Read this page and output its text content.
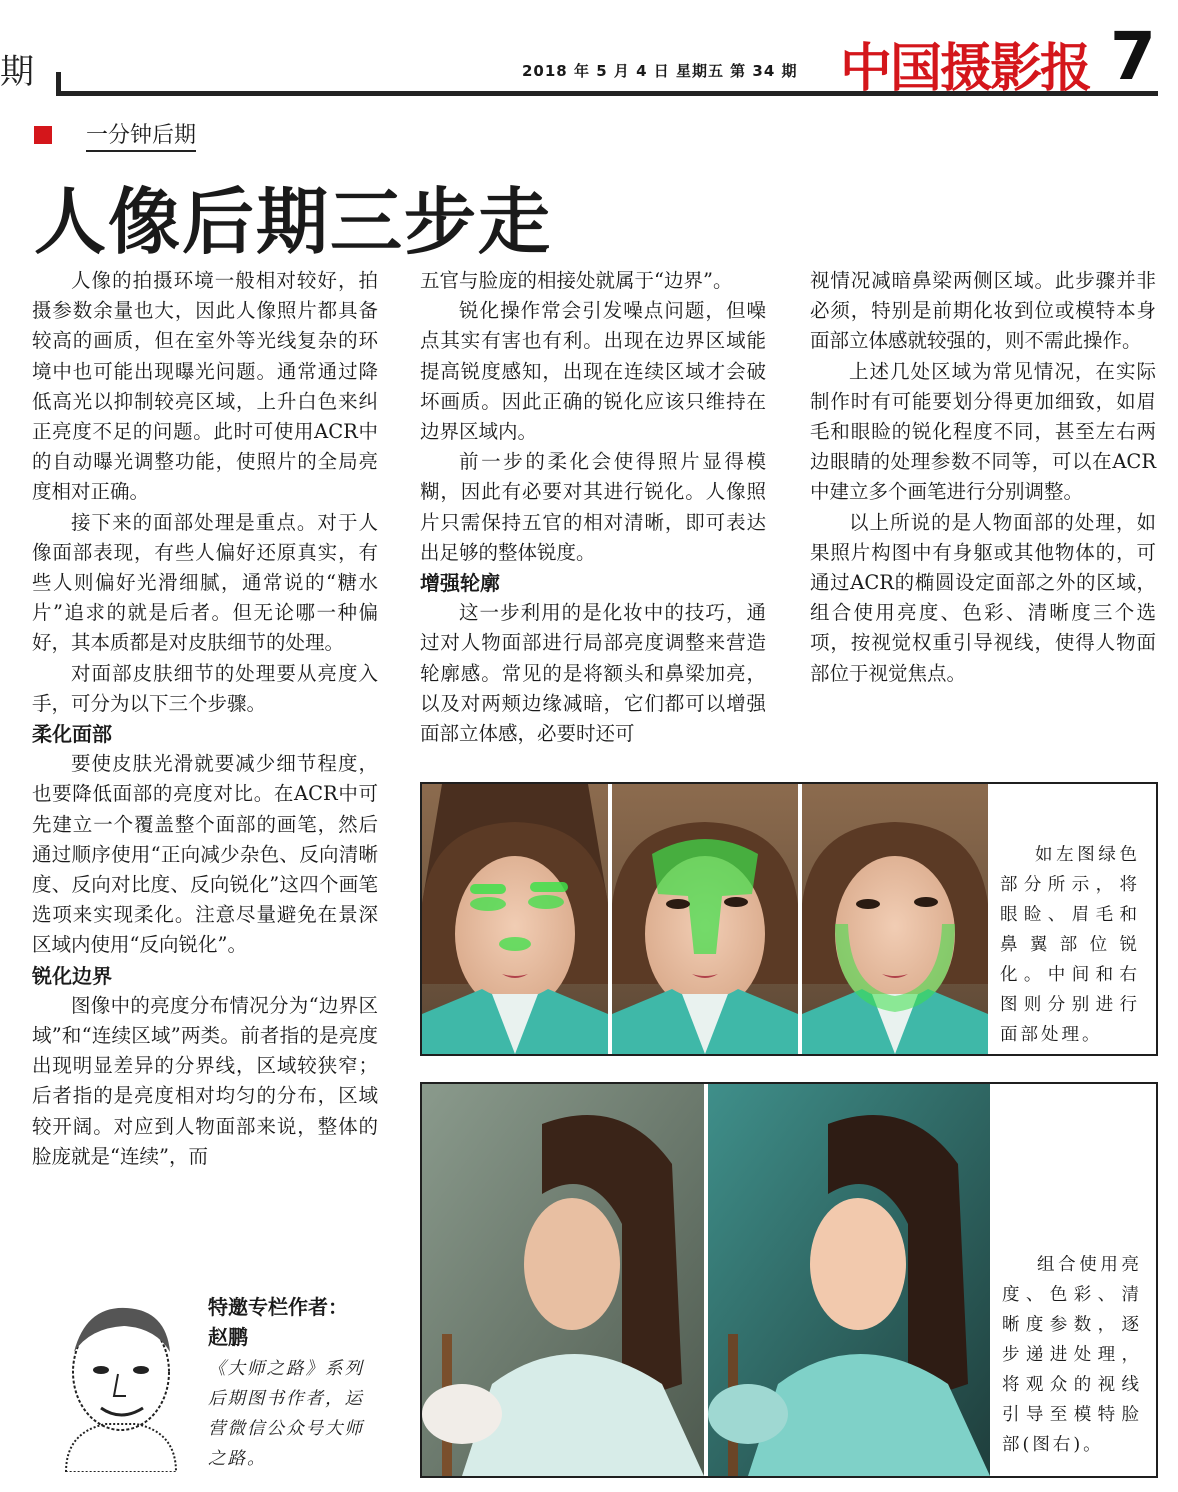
期	2018 年 5 月 4 日 星期五 第 34 期 中国摄影报 7
一分钟后期
人像后期三步走

人像的拍摄环境一般相对较好，拍摄参数余量也大，因此人像照片都具备较高的画质，但在室外等光线复杂的环境中也可能出现曝光问题。通常通过降低高光以抑制较亮区域，上升白色来纠正亮度不足的问题。此时可使用ACR中的自动曝光调整功能，使照片的全局亮度相对正确。

接下来的面部处理是重点。对于人像面部表现，有些人偏好还原真实，有些人则偏好光滑细腻，通常说的“糖水片”追求的就是后者。但无论哪一种偏好，其本质都是对皮肤细节的处理。

对面部皮肤细节的处理要从亮度入手，可分为以下三个步骤。

柔化面部

要使皮肤光滑就要减少细节程度，也要降低面部的亮度对比。在ACR中可先建立一个覆盖整个面部的画笔，然后通过顺序使用“正向减少杂色、反向清晰度、反向对比度、反向锐化”这四个画笔选项来实现柔化。注意尽量避免在景深区域内使用“反向锐化”。

锐化边界

图像中的亮度分布情况分为“边界区域”和“连续区域”两类。前者指的是亮度出现明显差异的分界线，区域较狭窄；后者指的是亮度相对均匀的分布，区域较开阔。对应到人物面部来说，整体的脸庞就是“连续”，而

五官与脸庞的相接处就属于“边界”。

锐化操作常会引发噪点问题，但噪点其实有害也有利。出现在边界区域能提高锐度感知，出现在连续区域才会破坏画质。因此正确的锐化应该只维持在边界区域内。

前一步的柔化会使得照片显得模糊，因此有必要对其进行锐化。人像照片只需保持五官的相对清晰，即可表达出足够的整体锐度。

增强轮廓

这一步利用的是化妆中的技巧，通过对人物面部进行局部亮度调整来营造轮廓感。常见的是将额头和鼻梁加亮，以及对两颊边缘减暗，它们都可以增强面部立体感，必要时还可

视情况减暗鼻梁两侧区域。此步骤并非必须，特别是前期化妆到位或模特本身面部立体感就较强的，则不需此操作。

上述几处区域为常见情况，在实际制作时有可能要划分得更加细致，如眉毛和眼睑的锐化程度不同，甚至左右两边眼睛的处理参数不同等，可以在ACR中建立多个画笔进行分别调整。

以上所说的是人物面部的处理，如果照片构图中有身躯或其他物体的，可通过ACR的椭圆设定面部之外的区域，组合使用亮度、色彩、清晰度三个选项，按视觉权重引导视线，使得人物面部位于视觉焦点。

如左图绿色部分所示，将眼睑、眉毛和鼻翼部位锐化。中间和右图则分别进行面部处理。

组合使用亮度、色彩、清晰度参数，逐步递进处理，将观众的视线引导至模特脸部(图右)。

特邀专栏作者：
赵鹏
《大师之路》系列后期图书作者，运营微信公众号大师之路。
